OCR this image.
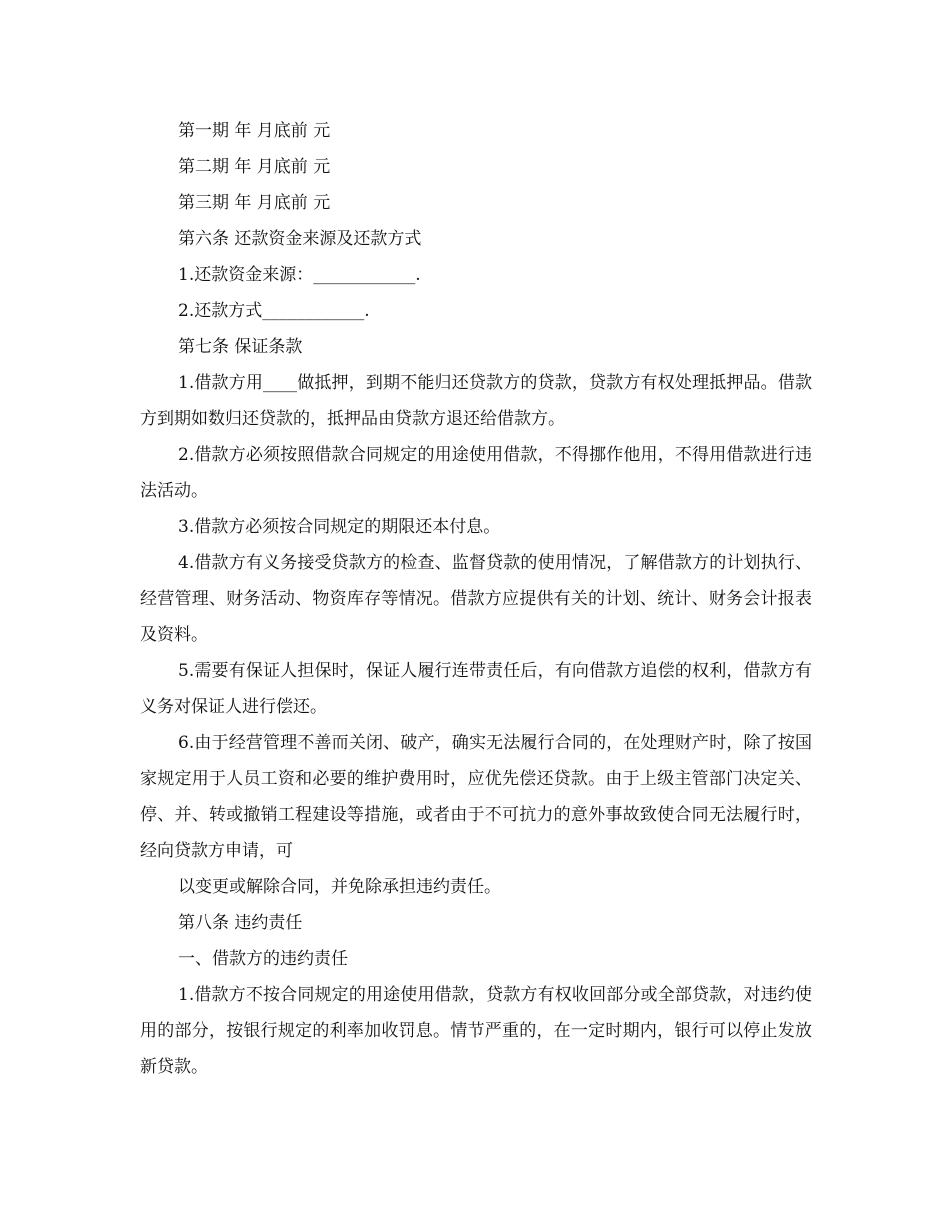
第一期 年 月底前 元

第二期 年 月底前 元

第三期 年 月底前 元

第六条 还款资金来源及还款方式

1.还款资金来源：____________.

2.还款方式____________.

第七条 保证条款

1.借款方用____做抵押，到期不能归还贷款方的贷款，贷款方有权处理抵押品。借款方到期如数归还贷款的，抵押品由贷款方退还给借款方。

2.借款方必须按照借款合同规定的用途使用借款，不得挪作他用，不得用借款进行违法活动。

3.借款方必须按合同规定的期限还本付息。

4.借款方有义务接受贷款方的检查、监督贷款的使用情况，了解借款方的计划执行、经营管理、财务活动、物资库存等情况。借款方应提供有关的计划、统计、财务会计报表及资料。

5.需要有保证人担保时，保证人履行连带责任后，有向借款方追偿的权利，借款方有义务对保证人进行偿还。

6.由于经营管理不善而关闭、破产，确实无法履行合同的，在处理财产时，除了按国家规定用于人员工资和必要的维护费用时，应优先偿还贷款。由于上级主管部门决定关、停、并、转或撤销工程建设等措施，或者由于不可抗力的意外事故致使合同无法履行时，经向贷款方申请，可

以变更或解除合同，并免除承担违约责任。

第八条 违约责任

一、借款方的违约责任

1.借款方不按合同规定的用途使用借款，贷款方有权收回部分或全部贷款，对违约使用的部分，按银行规定的利率加收罚息。情节严重的，在一定时期内，银行可以停止发放新贷款。
